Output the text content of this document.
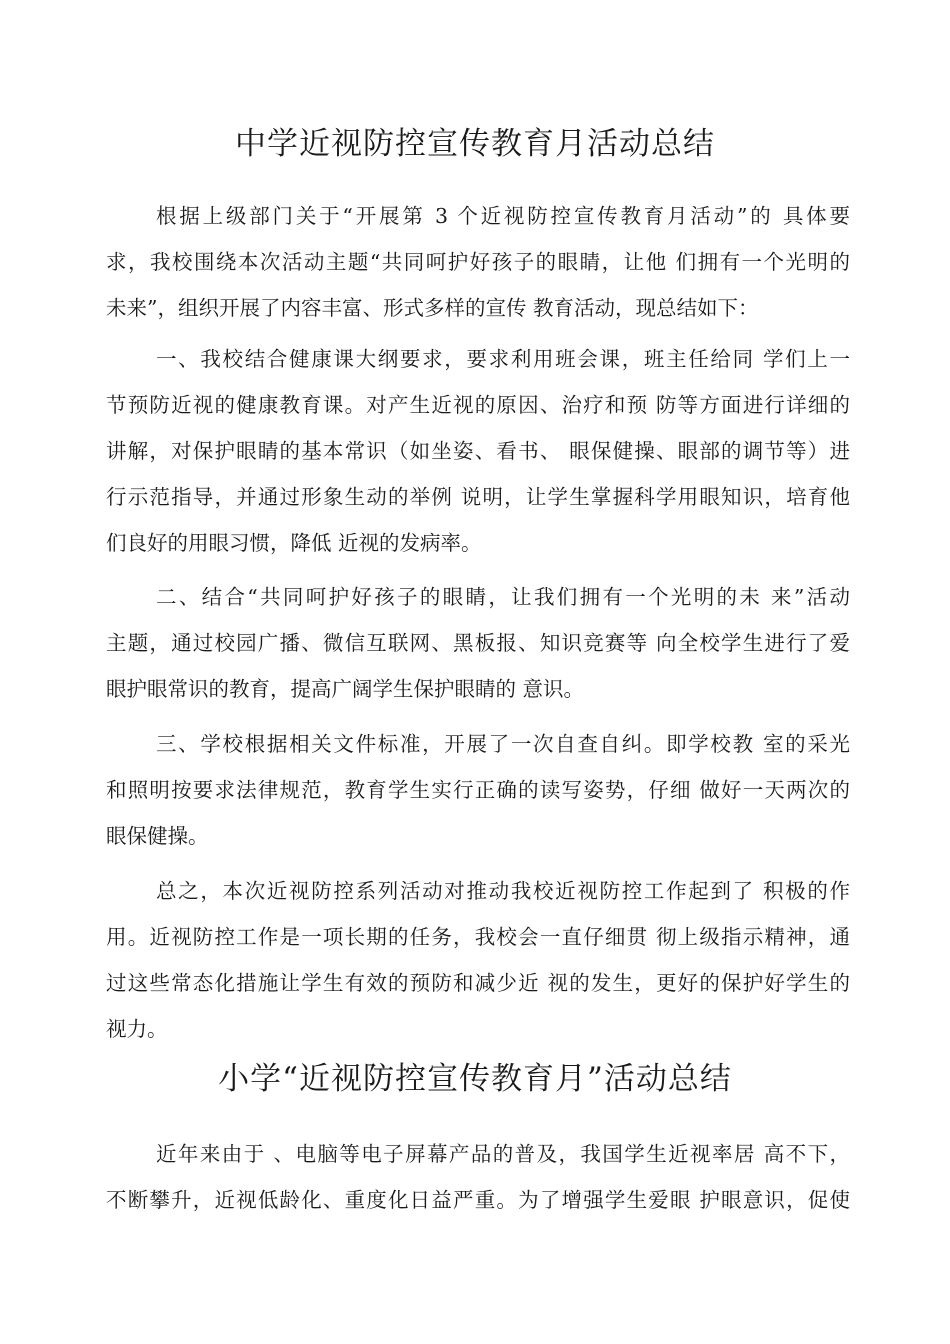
中学近视防控宣传教育月活动总结

根据上级部门关于“开展第 3 个近视防控宣传教育月活动”的 具体要
求，我校围绕本次活动主题“共同呵护好孩子的眼睛，让他 们拥有一个光明的
未来”，组织开展了内容丰富、形式多样的宣传 教育活动，现总结如下：

一、我校结合健康课大纲要求，要求利用班会课，班主任给同 学们上一
节预防近视的健康教育课。对产生近视的原因、治疗和预 防等方面进行详细的
讲解，对保护眼睛的基本常识（如坐姿、看书、 眼保健操、眼部的调节等）进
行示范指导，并通过形象生动的举例 说明，让学生掌握科学用眼知识，培育他
们良好的用眼习惯，降低 近视的发病率。

二、结合“共同呵护好孩子的眼睛，让我们拥有一个光明的未 来”活动
主题，通过校园广播、微信互联网、黑板报、知识竞赛等 向全校学生进行了爱
眼护眼常识的教育，提高广阔学生保护眼睛的 意识。

三、学校根据相关文件标准，开展了一次自查自纠。即学校教 室的采光
和照明按要求法律规范，教育学生实行正确的读写姿势，仔细 做好一天两次的
眼保健操。

总之，本次近视防控系列活动对推动我校近视防控工作起到了 积极的作
用。近视防控工作是一项长期的任务，我校会一直仔细贯 彻上级指示精神，通
过这些常态化措施让学生有效的预防和减少近 视的发生，更好的保护好学生的
视力。

小学“近视防控宣传教育月”活动总结

近年来由于 、电脑等电子屏幕产品的普及，我国学生近视率居 高不下，
不断攀升，近视低龄化、重度化日益严重。为了增强学生爱眼 护眼意识，促使
